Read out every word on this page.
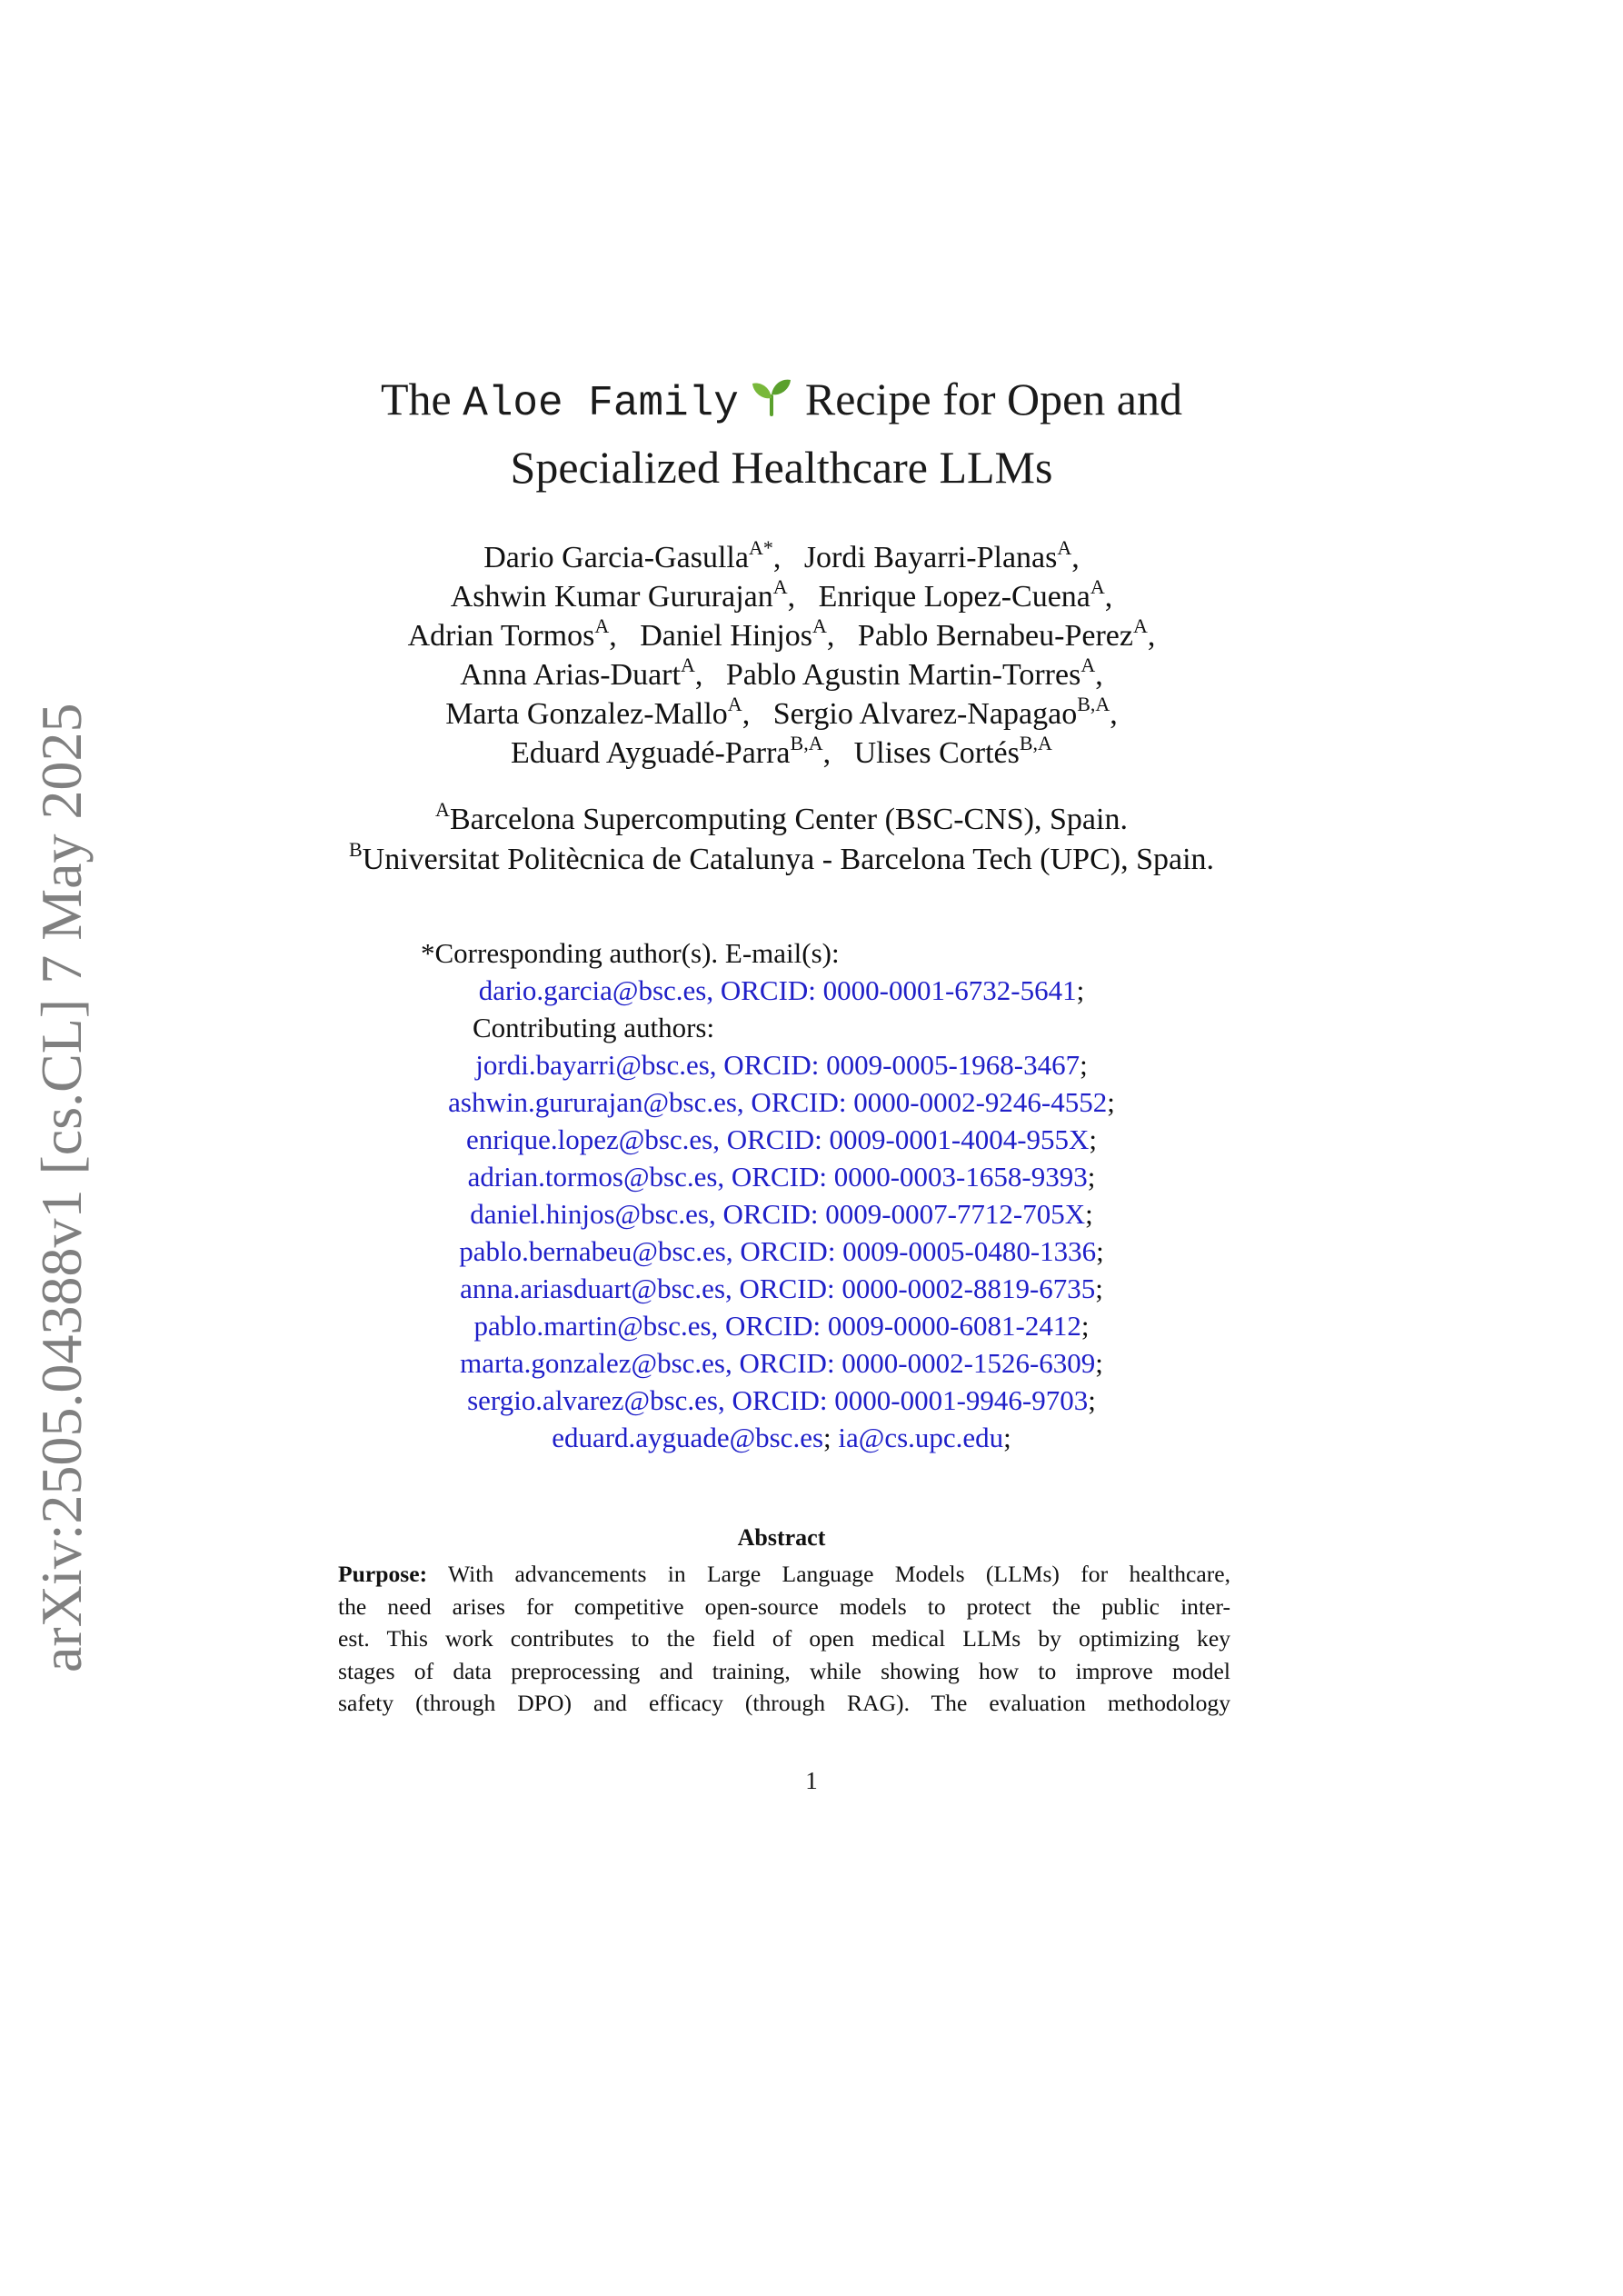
arXiv:2505.04388v1 [cs.CL] 7 May 2025
The Aloe Family Recipe for Open and
Specialized Healthcare LLMs
Dario Garcia-Gasulla$^{A*}$,  Jordi Bayarri-Planas$^A$,
Ashwin Kumar Gururajan$^A$,  Enrique Lopez-Cuena$^A$,
Adrian Tormos$^A$,  Daniel Hinjos$^A$,  Pablo Bernabeu-Perez$^A$,
Anna Arias-Duart$^A$,  Pablo Agustin Martin-Torres$^A$,
Marta Gonzalez-Mallo$^A$,  Sergio Alvarez-Napagao$^{B,A}$,
Eduard Ayguadé-Parra$^{B,A}$,  Ulises Cortés$^{B,A}$
$^A$Barcelona Supercomputing Center (BSC-CNS), Spain.
$^B$Universitat Politècnica de Catalunya - Barcelona Tech (UPC), Spain.
*Corresponding author(s). E-mail(s):
dario.garcia@bsc.es, ORCID: 0000-0001-6732-5641;
Contributing authors:
jordi.bayarri@bsc.es, ORCID: 0009-0005-1968-3467;
ashwin.gururajan@bsc.es, ORCID: 0000-0002-9246-4552;
enrique.lopez@bsc.es, ORCID: 0009-0001-4004-955X;
adrian.tormos@bsc.es, ORCID: 0000-0003-1658-9393;
daniel.hinjos@bsc.es, ORCID: 0009-0007-7712-705X;
pablo.bernabeu@bsc.es, ORCID: 0009-0005-0480-1336;
anna.ariasduart@bsc.es, ORCID: 0000-0002-8819-6735;
pablo.martin@bsc.es, ORCID: 0009-0000-6081-2412;
marta.gonzalez@bsc.es, ORCID: 0000-0002-1526-6309;
sergio.alvarez@bsc.es, ORCID: 0000-0001-9946-9703;
eduard.ayguade@bsc.es; ia@cs.upc.edu;
Abstract
Purpose: With advancements in Large Language Models (LLMs) for healthcare,
the need arises for competitive open-source models to protect the public inter-
est. This work contributes to the field of open medical LLMs by optimizing key
stages of data preprocessing and training, while showing how to improve model
safety (through DPO) and efficacy (through RAG). The evaluation methodology
1
